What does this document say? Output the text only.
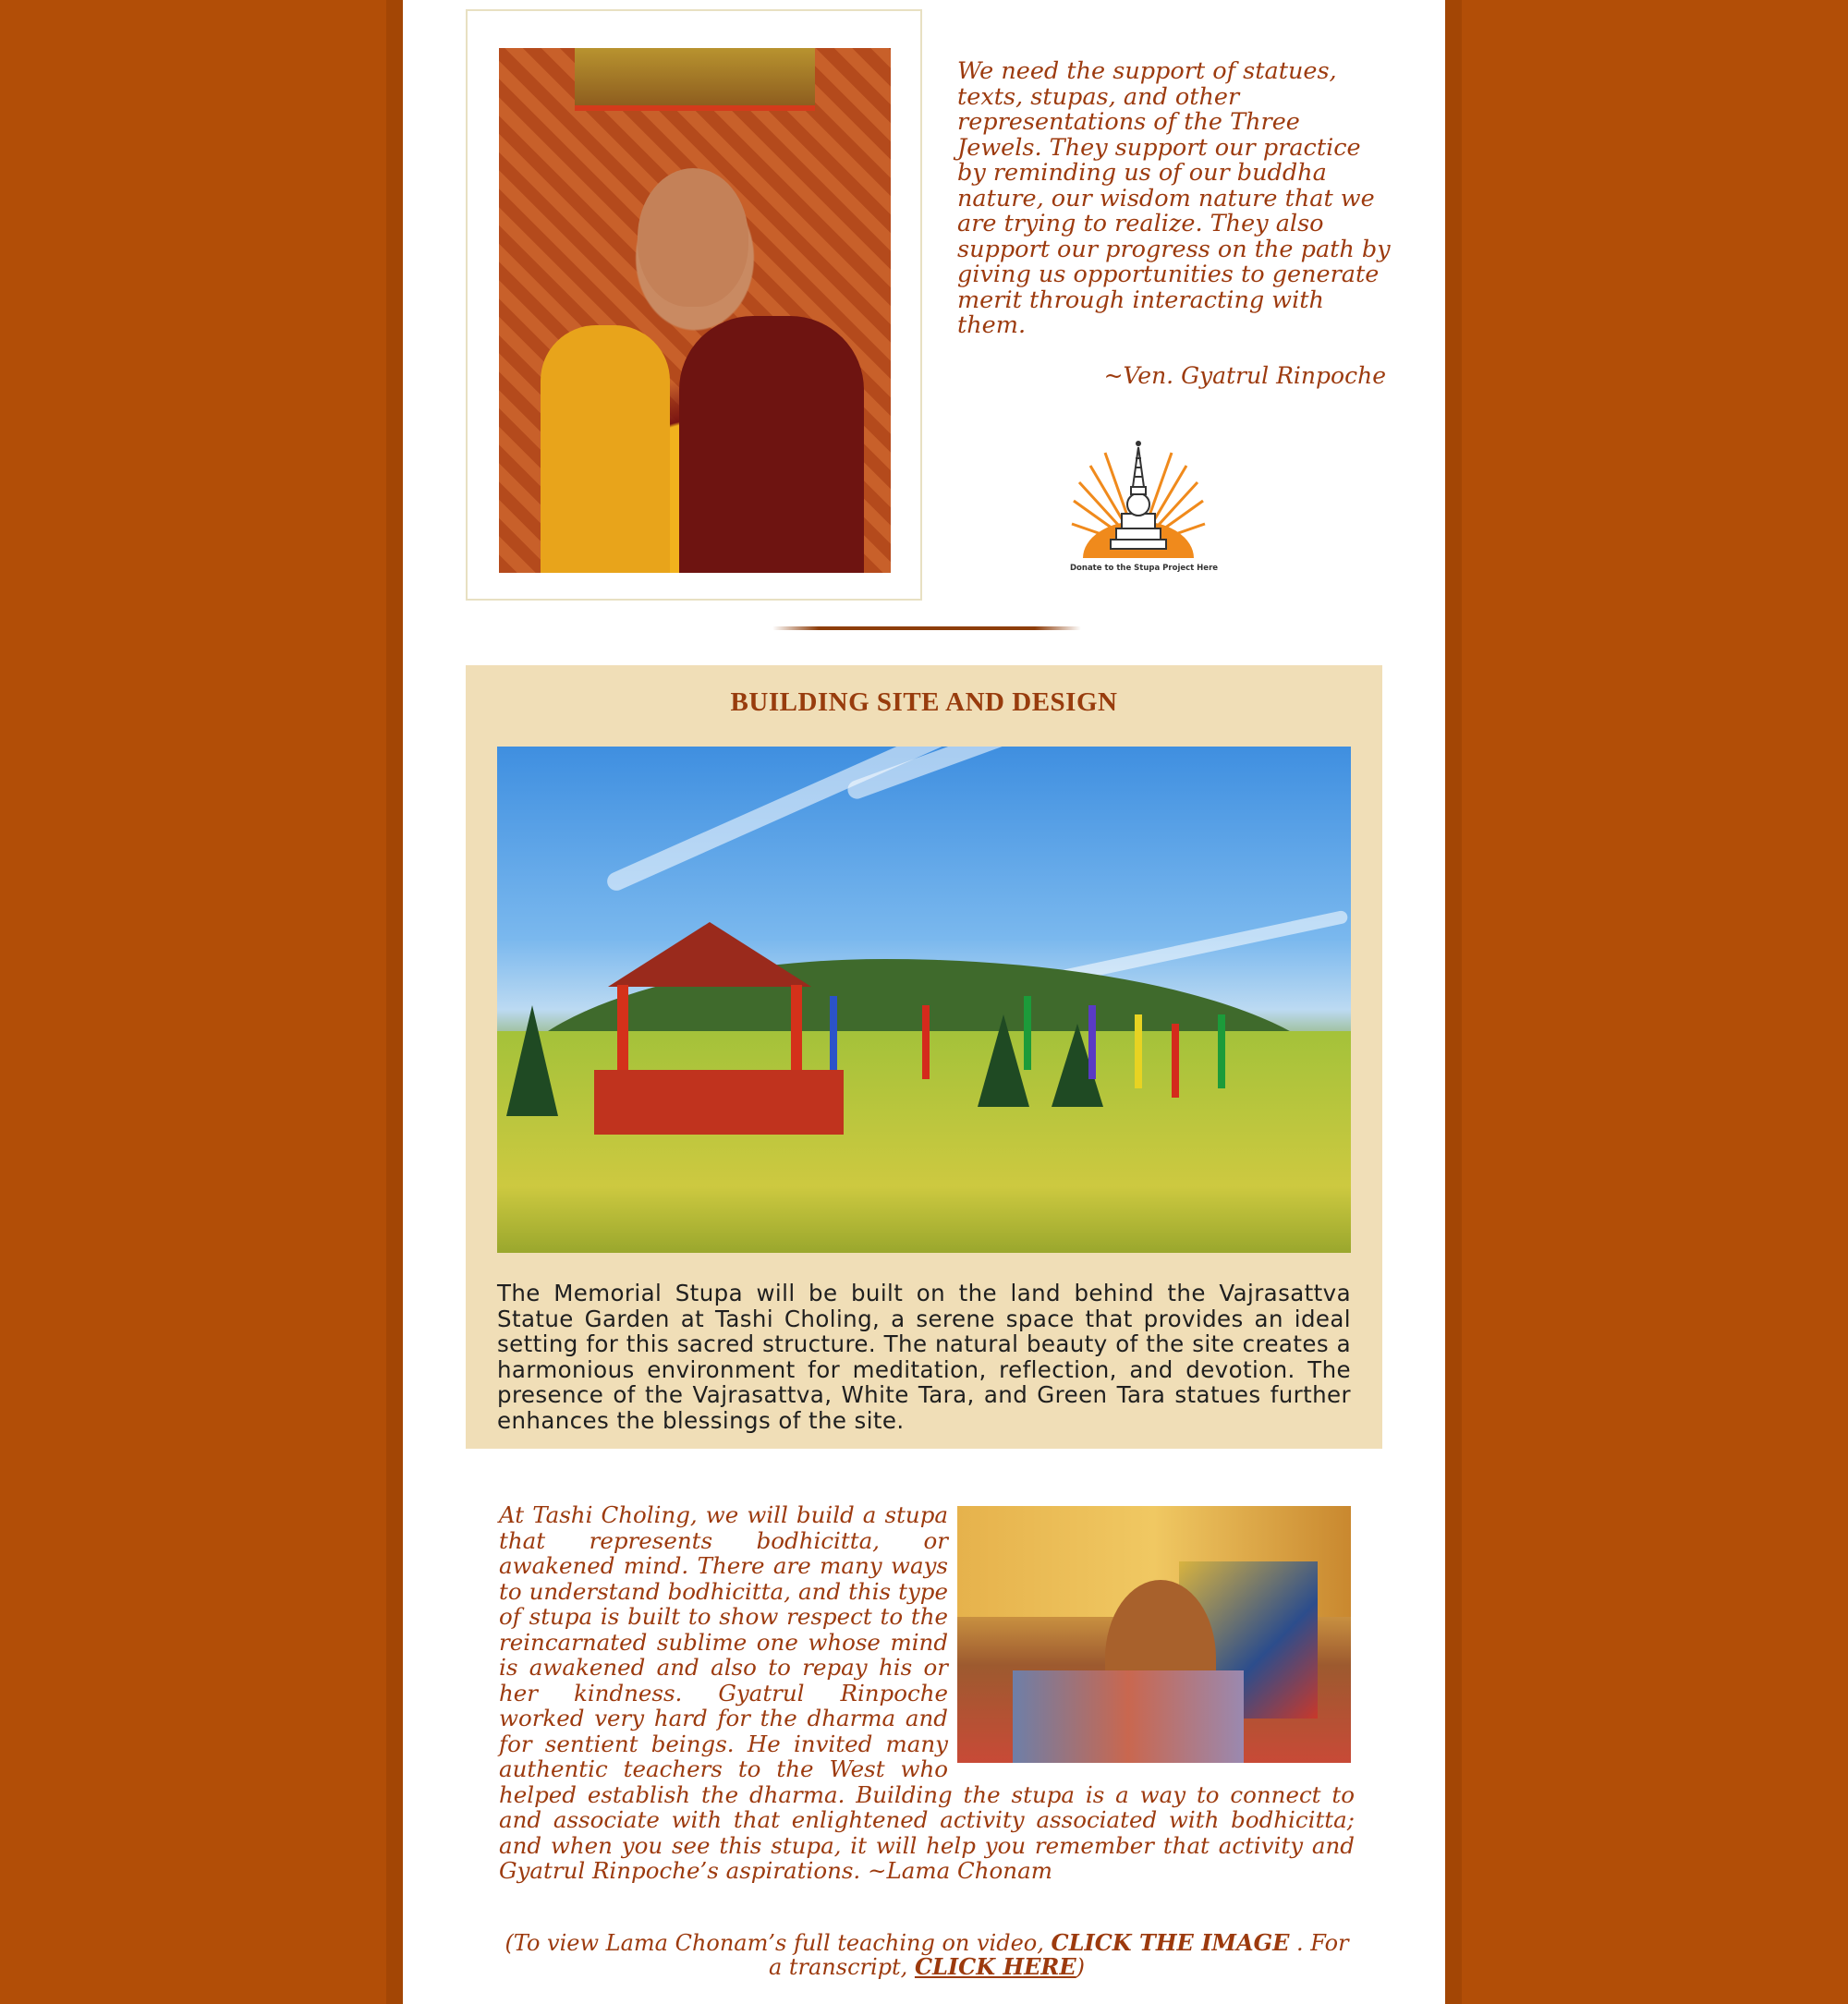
We need the support of statues, texts, stupas, and other representations of the Three Jewels. They support our practice by reminding us of our buddha nature, our wisdom nature that we are trying to realize. They also support our progress on the path by giving us opportunities to generate merit through interacting with them.

~Ven. Gyatrul Rinpoche

Donate to the Stupa Project Here
BUILDING SITE AND DESIGN

The Memorial Stupa will be built on the land behind the Vajrasattva Statue Garden at Tashi Choling, a serene space that provides an ideal setting for this sacred structure. The natural beauty of the site creates a harmonious environment for meditation, reflection, and devotion. The presence of the Vajrasattva, White Tara, and Green Tara statues further enhances the blessings of the site.

At Tashi Choling, we will build a stupa that represents bodhicitta, or awakened mind. There are many ways to understand bodhicitta, and this type of stupa is built to show respect to the reincarnated sublime one whose mind is awakened and also to repay his or her kindness. Gyatrul Rinpoche worked very hard for the dharma and for sentient beings. He invited many authentic teachers to the West who helped establish the dharma. Building the stupa is a way to connect to and associate with that enlightened activity associated with bodhicitta; and when you see this stupa, it will help you remember that activity and Gyatrul Rinpoche’s aspirations. ~Lama Chonam

(To view Lama Chonam’s full teaching on video, CLICK THE IMAGE . For a transcript, CLICK HERE)
